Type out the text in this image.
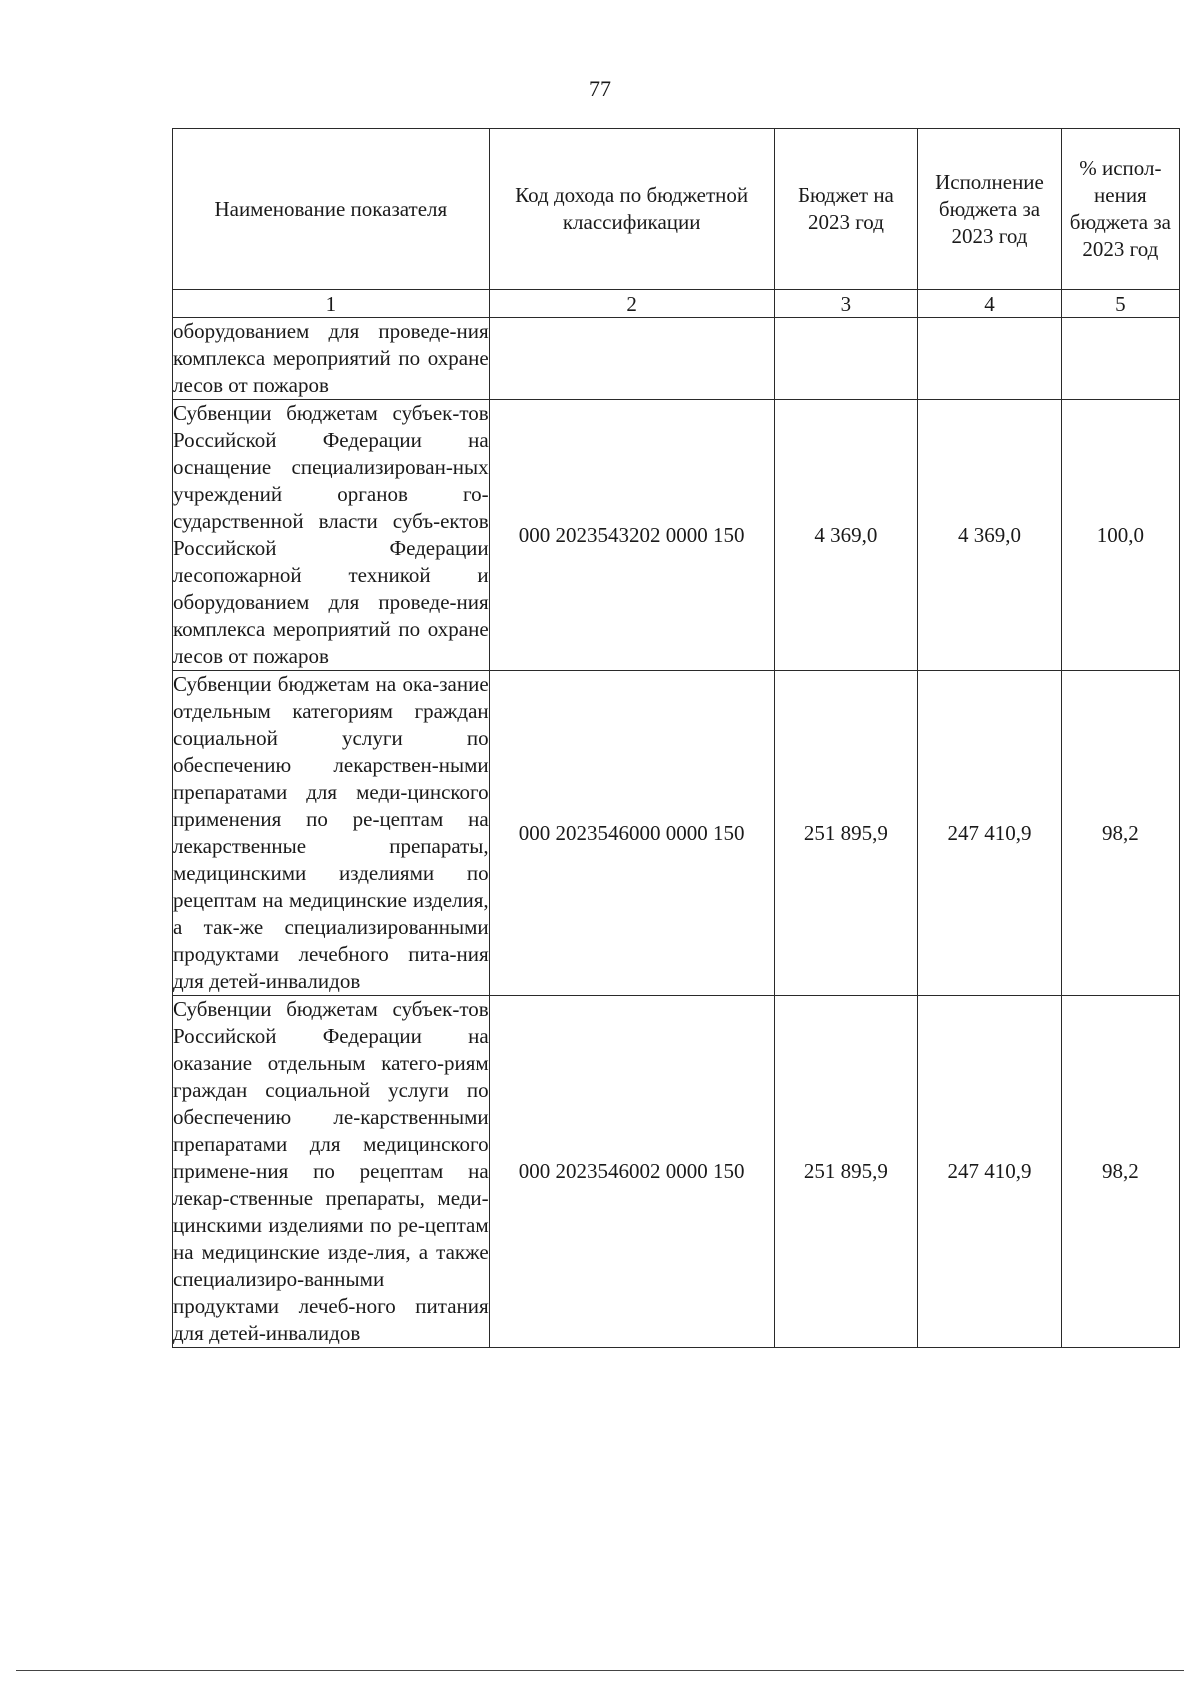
77
Наименование показателя	Код дохода по бюджетной классификации	Бюджет на 2023 год	Исполнение бюджета за 2023 год	% испол-нения бюджета за 2023 год
1	2	3	4	5
оборудованием для проведе-ния комплекса мероприятий по охране лесов от пожаров				
Субвенции бюджетам субъек-тов Российской Федерации на оснащение специализирован-ных учреждений органов го-сударственной власти субъ-ектов Российской Федерации лесопожарной техникой и оборудованием для проведе-ния комплекса мероприятий по охране лесов от пожаров	000 2023543202 0000 150	4 369,0	4 369,0	100,0
Субвенции бюджетам на ока-зание отдельным категориям граждан социальной услуги по обеспечению лекарствен-ными препаратами для меди-цинского применения по ре-цептам на лекарственные препараты, медицинскими изделиями по рецептам на медицинские изделия, а так-же специализированными продуктами лечебного пита-ния для детей-инвалидов	000 2023546000 0000 150	251 895,9	247 410,9	98,2
Субвенции бюджетам субъек-тов Российской Федерации на оказание отдельным катего-риям граждан социальной услуги по обеспечению ле-карственными препаратами для медицинского примене-ния по рецептам на лекар-ственные препараты, меди-цинскими изделиями по ре-цептам на медицинские изде-лия, а также специализиро-ванными продуктами лечеб-ного питания для детей-инвалидов	000 2023546002 0000 150	251 895,9	247 410,9	98,2
